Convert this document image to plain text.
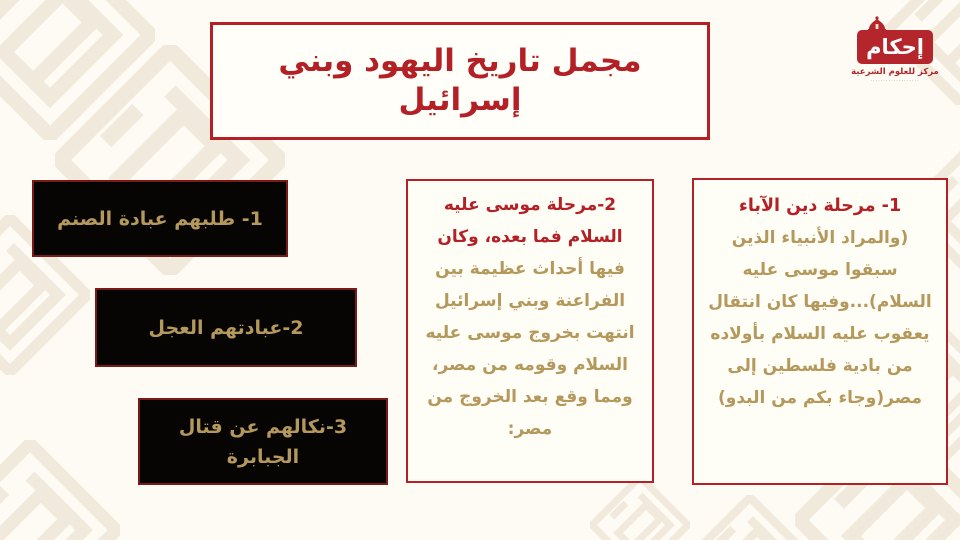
مجمل تاريخ اليهود وبني إسرائيل
إحكام
مركز للعلوم الشرعية
···················
1- مرحلة دين الآباء
(والمراد الأنبياء الذين سبقوا موسى عليه السلام)...وفيها كان انتقال يعقوب عليه السلام بأولاده من بادية فلسطين إلى مصر(وجاء بكم من البدو)

2-مرحلة موسى عليه السلام فما بعده، وكان فيها أحداث عظيمة بين الفراعنة وبني إسرائيل انتهت بخروج موسى عليه السلام وقومه من مصر، ومما وقع بعد الخروج من مصر:

1- طلبهم عبادة الصنم
2-عبادتهم العجل
3-نكالهم عن قتال الجبابرة
